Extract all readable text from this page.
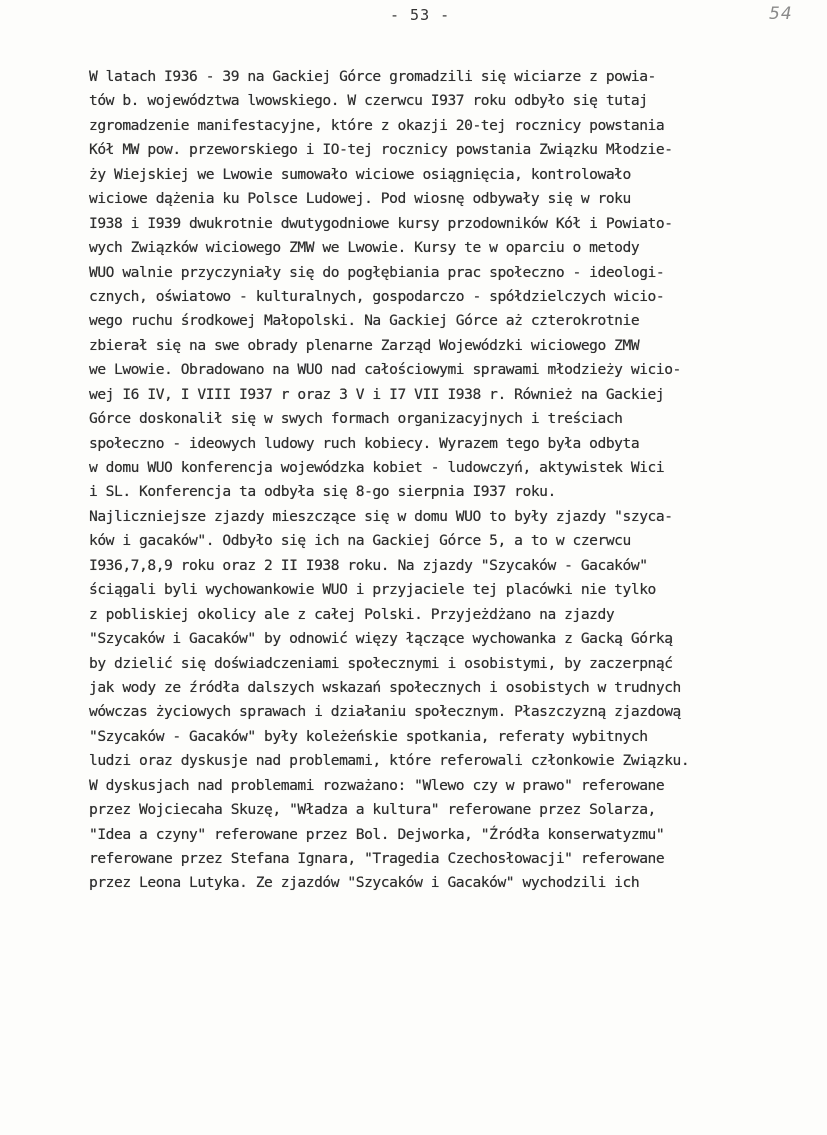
- 53 -	54
W latach I936 - 39 na Gackiej Górce gromadzili się wiciarze z powia-
tów b. województwa lwowskiego. W czerwcu I937 roku odbyło się tutaj
zgromadzenie manifestacyjne, które z okazji 20-tej rocznicy powstania
Kół MW pow. przeworskiego i IO-tej rocznicy powstania Związku Młodzie-
ży Wiejskiej we Lwowie sumowało wiciowe osiągnięcia, kontrolowało
wiciowe dążenia ku Polsce Ludowej. Pod wiosnę odbywały się w roku
I938 i I939 dwukrotnie dwutygodniowe kursy przodowników Kół i Powiato-
wych Związków wiciowego ZMW we Lwowie. Kursy te w oparciu o metody
WUO walnie przyczyniały się do pogłębiania prac społeczno - ideologi-
cznych, oświatowo - kulturalnych, gospodarczo - spółdzielczych wicio-
wego ruchu środkowej Małopolski. Na Gackiej Górce aż czterokrotnie
zbierał się na swe obrady plenarne Zarząd Wojewódzki wiciowego ZMW
we Lwowie. Obradowano na WUO nad całościowymi sprawami młodzieży wicio-
wej I6 IV, I VIII I937 r oraz 3 V i I7 VII I938 r. Również na Gackiej
Górce doskonalił się w swych formach organizacyjnych i treściach
społeczno - ideowych ludowy ruch kobiecy. Wyrazem tego była odbyta
w domu WUO konferencja wojewódzka kobiet - ludowczyń, aktywistek Wici
i SL. Konferencja ta odbyła się 8-go sierpnia I937 roku.
Najliczniejsze zjazdy mieszczące się w domu WUO to były zjazdy "szyca-
ków i gacaków". Odbyło się ich na Gackiej Górce 5, a to w czerwcu
I936,7,8,9 roku oraz 2 II I938 roku. Na zjazdy "Szycaków - Gacaków"
ściągali byli wychowankowie WUO i przyjaciele tej placówki nie tylko
z pobliskiej okolicy ale z całej Polski. Przyjeżdżano na zjazdy
"Szycaków i Gacaków" by odnowić więzy łączące wychowanka z Gacką Górką
by dzielić się doświadczeniami społecznymi i osobistymi, by zaczerpnąć
jak wody ze źródła dalszych wskazań społecznych i osobistych w trudnych
wówczas życiowych sprawach i działaniu społecznym. Płaszczyzną zjazdową
"Szycaków - Gacaków" były koleżeńskie spotkania, referaty wybitnych
ludzi oraz dyskusje nad problemami, które referowali członkowie Związku.
W dyskusjach nad problemami rozważano: "Wlewo czy w prawo" referowane
przez Wojciecaha Skuzę, "Władza a kultura" referowane przez Solarza,
"Idea a czyny" referowane przez Bol. Dejworka, "Źródła konserwatyzmu"
referowane przez Stefana Ignara, "Tragedia Czechosłowacji" referowane
przez Leona Lutyka. Ze zjazdów "Szycaków i Gacaków" wychodzili ich
